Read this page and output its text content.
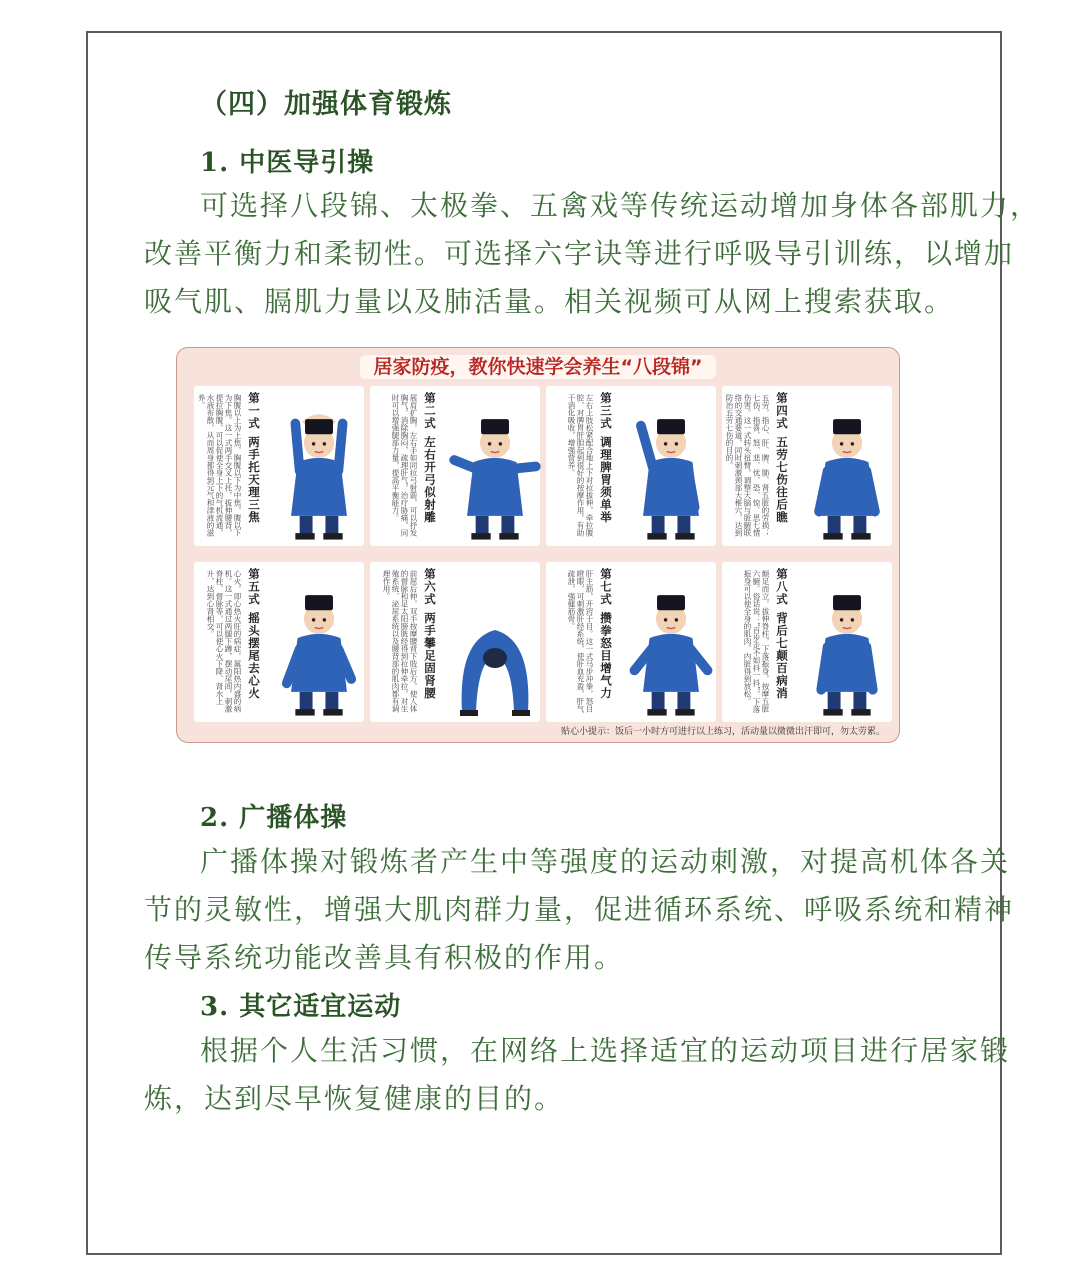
（四）加强体育锻炼
1. 中医导引操
可选择八段锦、太极拳、五禽戏等传统运动增加身体各部肌力，
改善平衡力和柔韧性。可选择六字诀等进行呼吸导引训练，以增加
吸气肌、膈肌力量以及肺活量。相关视频可从网上搜索获取。
居家防疫，教你快速学会养生“八段锦”
胸腹以上为上焦，胸腹以下为中焦，腹以下为下焦。这一式两手交叉上托，拔伸腰背，提拉胸腹，可以促使全身上下的气机流通，水液布散，从而周身都得到元气和津液的滋养。	第一式两手托天理三焦	展肩扩胸，左右手如同拉弓射箭，可以抒发胸气，消除胸闷，疏理肝气，治疗胁痛，同时可以增强腿部力量，提高平衡能力。	第二式左右开弓似射雕	左右上肢松紧配合地上下对拉拔伸，牵拉腹腔，对脾胃肝胆起到很好的按摩作用，有助于消化吸收，增强营养。	第三式调理脾胃须单举	五劳，指心、肝、脾、肺、肾五脏的劳损；七伤，指喜、怒、悲、忧、恐、惊、思七情伤害。这一式转头扭臂，调整大脑与脏腑联络的交通要道，同时刺激颈部大椎穴，达到防治五劳七伤的目的。	第四式五劳七伤往后瞧
心火，即心热火旺的病症，属阳热内盛的病机。这一式通过两腿下蹲，摆动尾闾，刺激脊柱、督脉等，可以使心火下降、肾水上升，达到心肾相交。	第五式摇头摆尾去心火	前屈后伸，双手按摩腰背下肢后方，使人体的督脉和足太阳膀胱经得到拉伸牵拉，对生殖系统、泌尿系统以及腰背部的肌肉都有调理作用。	第六式两手攀足固肾腰	肝主筋，开窍于目。这一式马步冲拳，怒目瞪眼，可刺激肝经系统，使肝血充盈，肝气疏泄，强健筋骨。	第七式攒拳怒目增气力	颠足而立，拔伸脊柱，下落振身，按摩五脏六腑。俗话说：“百步走不如抖一抖”，下落振身可以使全身的肌肉、内脏得到放松。	第八式背后七颠百病消
贴心小提示：饭后一小时方可进行以上练习，活动量以微微出汗即可，勿太劳累。
2. 广播体操
广播体操对锻炼者产生中等强度的运动刺激，对提高机体各关
节的灵敏性，增强大肌肉群力量，促进循环系统、呼吸系统和精神
传导系统功能改善具有积极的作用。
3. 其它适宜运动
根据个人生活习惯，在网络上选择适宜的运动项目进行居家锻
炼，达到尽早恢复健康的目的。
